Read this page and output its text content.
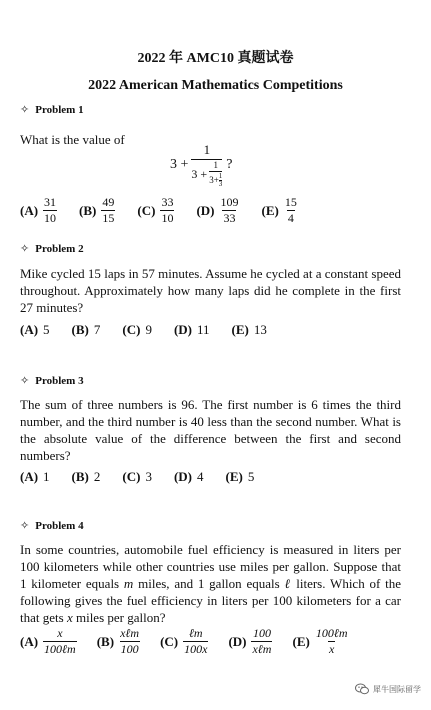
2022 年 AMC10 真题试卷
2022 American Mathematics Competitions
✧ Problem 1
What is the value of
3 +
1
$3 + \frac{1}{3+ \frac{1}{3}}$ ?
$(A) \frac{31}{10} (B) \frac{49}{15} (C) \frac{33}{10} (D) \frac{109}{33} (E) \frac{15}{4}$
✧ Problem 2
Mike cycled 15 laps in 57 minutes. Assume he cycled at a constant speed throughout. Approximately how many laps did he complete in the first 27 minutes?
(A) 5 (B) 7 (C) 9 (D) 11 (E) 13
✧ Problem 3
The sum of three numbers is 96. The first number is 6 times the third number, and the third number is 40 less than the second number. What is the absolute value of the difference between the first and second numbers?
(A) 1 (B) 2 (C) 3 (D) 4 (E) 5
✧ Problem 4
In some countries, automobile fuel efficiency is measured in liters per 100 kilometers while other countries use miles per gallon. Suppose that 1 kilometer equals m miles, and 1 gallon equals ℓ liters. Which of the following gives the fuel efficiency in liters per 100 kilometers for a car that gets x miles per gallon?
$(A) \frac{x}{\text{100ℓm}} (B) \frac{\text{xℓm}}{100} (C) \frac{\text{ℓm}}{100x} (D) \frac{100}{\text{xℓm}} (E) \frac{\text{100ℓm}}{x}$
犀牛国际留学
